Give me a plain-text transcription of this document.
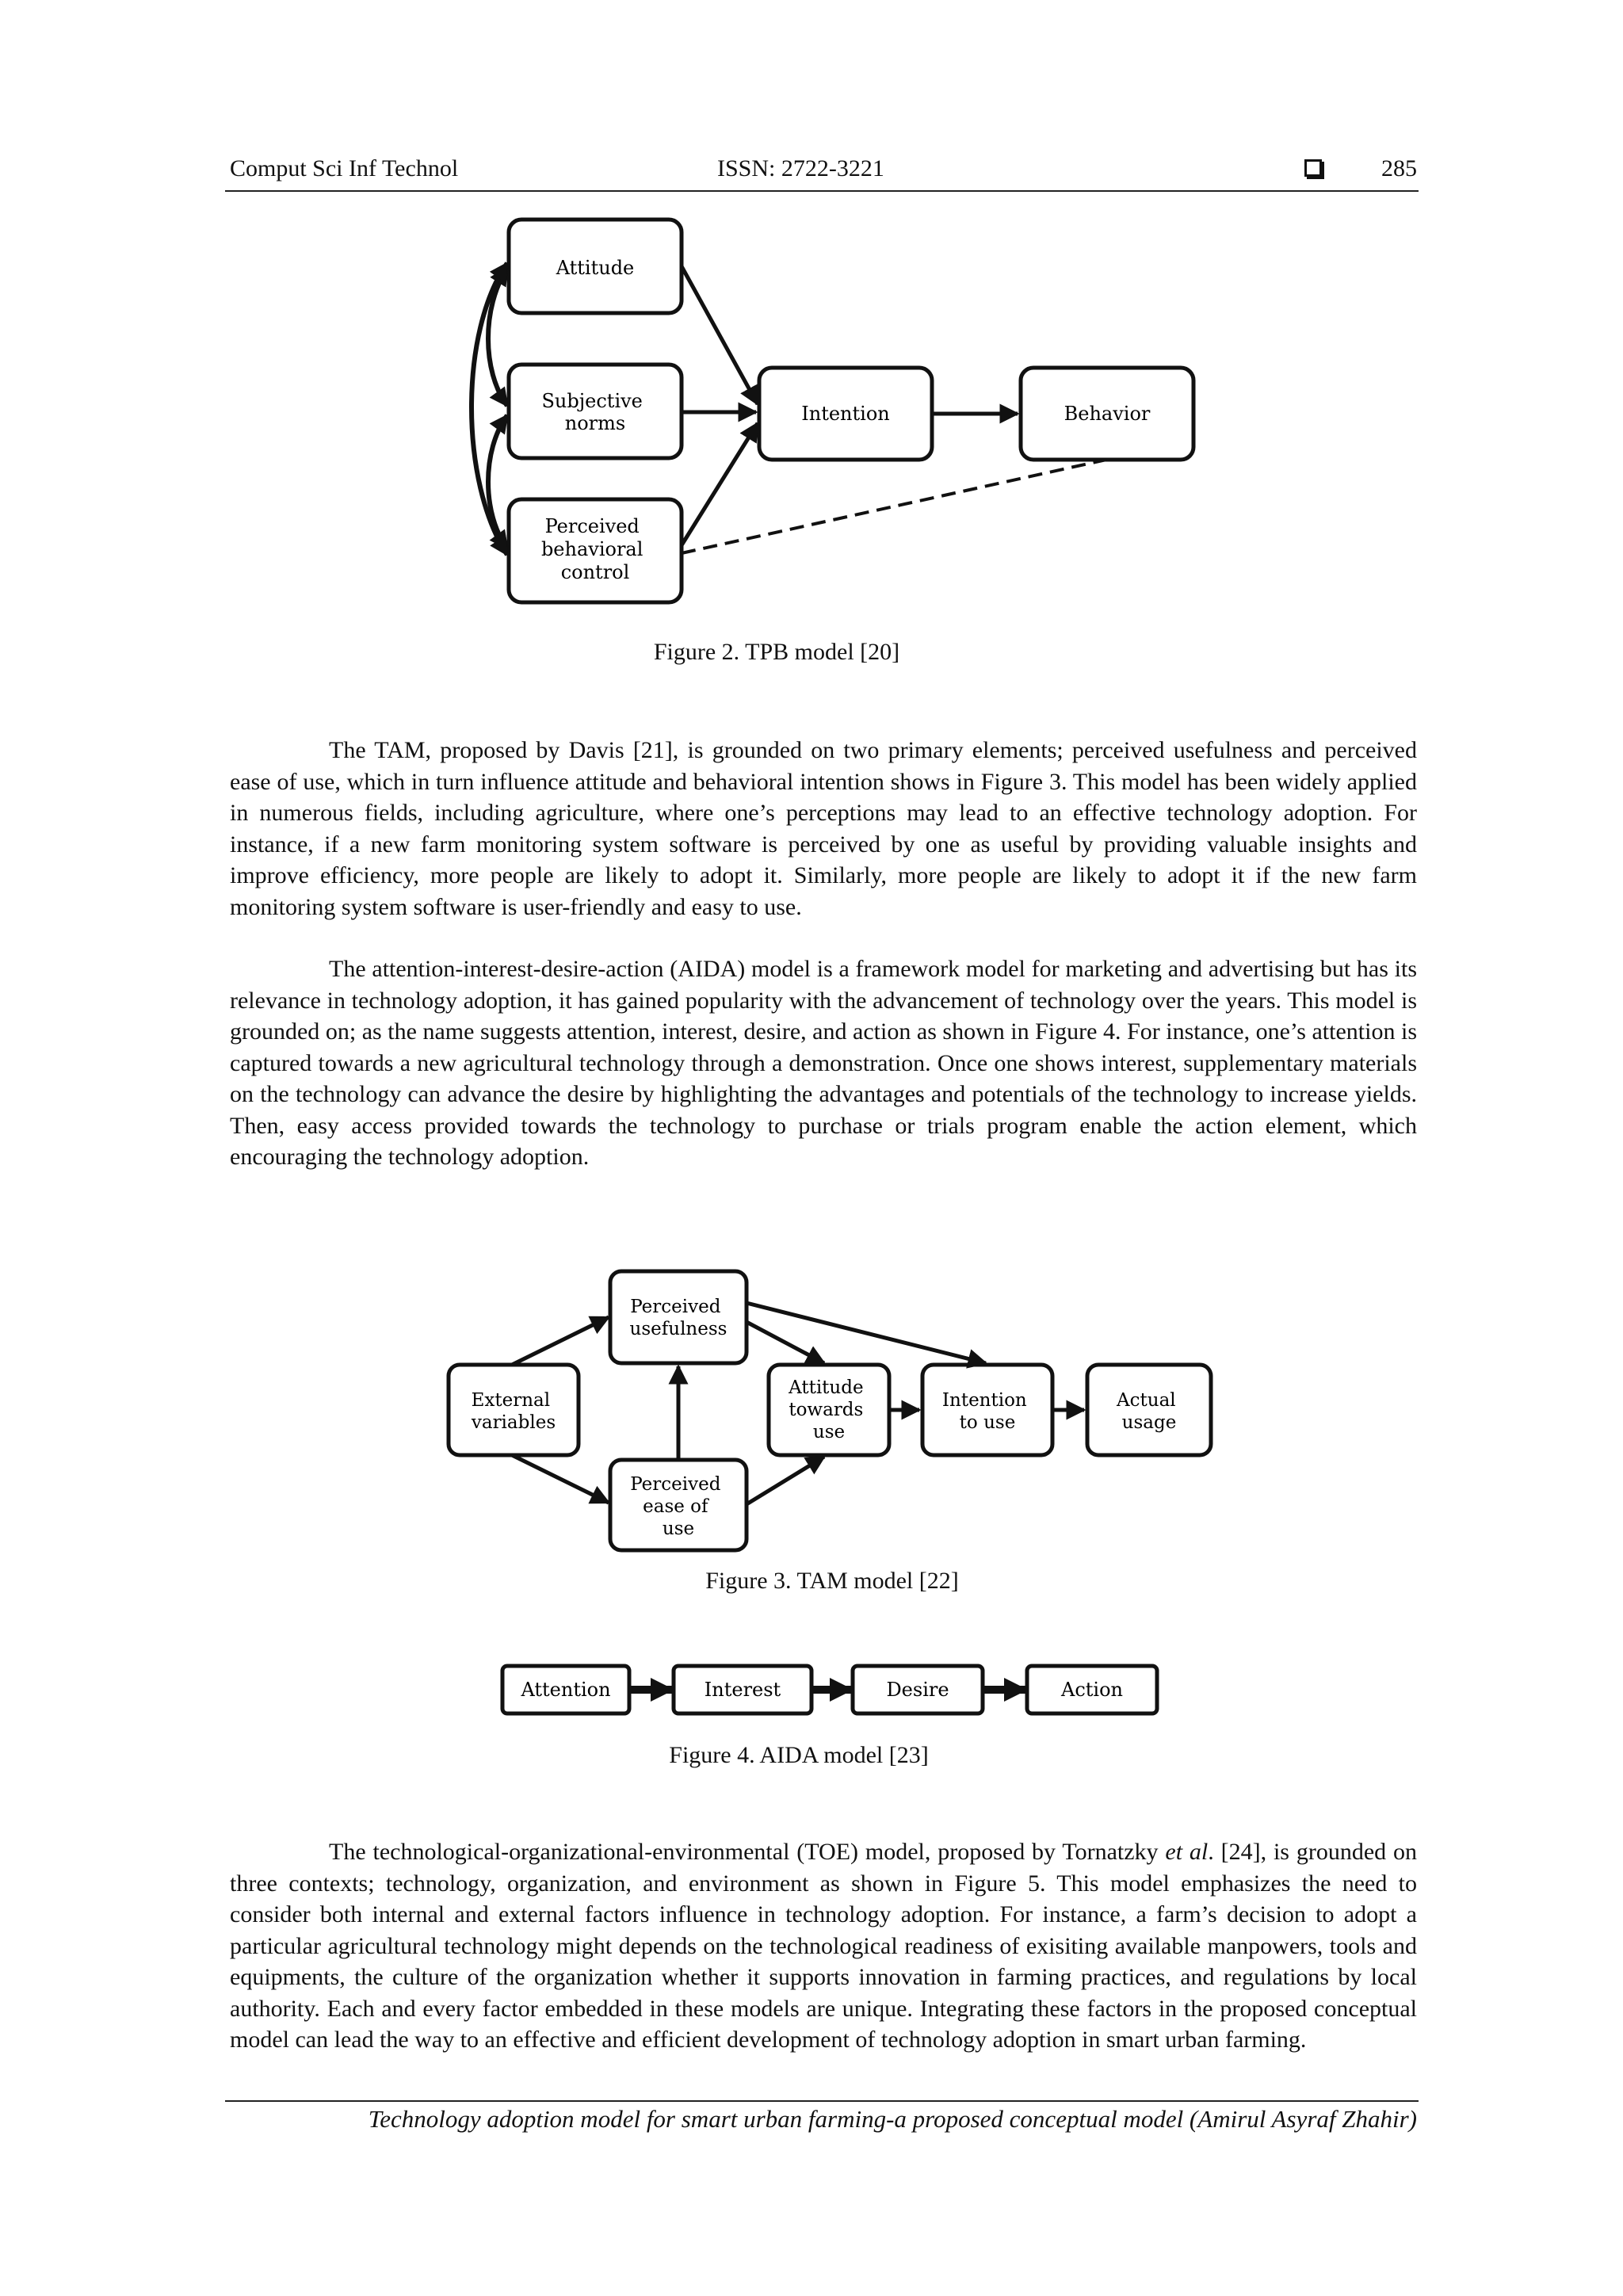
Comput Sci Inf Technol	ISSN: 2722-3221	285
Attitude
Subjective norms
Perceived behavioral control
Intention	Behavior
Figure 2. TPB model [20]

The TAM, proposed by Davis [21], is grounded on two primary elements; perceived usefulness and perceived ease of use, which in turn influence attitude and behavioral intention shows in Figure 3. This model has been widely applied in numerous fields, including agriculture, where one’s perceptions may lead to an effective technology adoption. For instance, if a new farm monitoring system software is perceived by one as useful by providing valuable insights and improve efficiency, more people are likely to adopt it. Similarly, more people are likely to adopt it if the new farm monitoring system software is user-friendly and easy to use.

The attention-interest-desire-action (AIDA) model is a framework model for marketing and advertising but has its relevance in technology adoption, it has gained popularity with the advancement of technology over the years. This model is grounded on; as the name suggests attention, interest, desire, and action as shown in Figure 4. For instance, one’s attention is captured towards a new agricultural technology through a demonstration. Once one shows interest, supplementary materials on the technology can advance the desire by highlighting the advantages and potentials of the technology to increase yields. Then, easy access provided towards the technology to purchase or trials program enable the action element, which encouraging the technology adoption.

External variables
Perceived usefulness
Perceived ease of use
Attitude towards use
Intention to use
Actual usage
Figure 3. TAM model [22]
Attention	Interest	Desire	Action
Figure 4. AIDA model [23]

The technological-organizational-environmental (TOE) model, proposed by Tornatzky et al. [24], is grounded on three contexts; technology, organization, and environment as shown in Figure 5. This model emphasizes the need to consider both internal and external factors influence in technology adoption. For instance, a farm’s decision to adopt a particular agricultural technology might depends on the technological readiness of exisiting available manpowers, tools and equipments, the culture of the organization whether it supports innovation in farming practices, and regulations by local authority. Each and every factor embedded in these models are unique. Integrating these factors in the proposed conceptual model can lead the way to an effective and efficient development of technology adoption in smart urban farming.

Technology adoption model for smart urban farming-a proposed conceptual model (Amirul Asyraf Zhahir)
